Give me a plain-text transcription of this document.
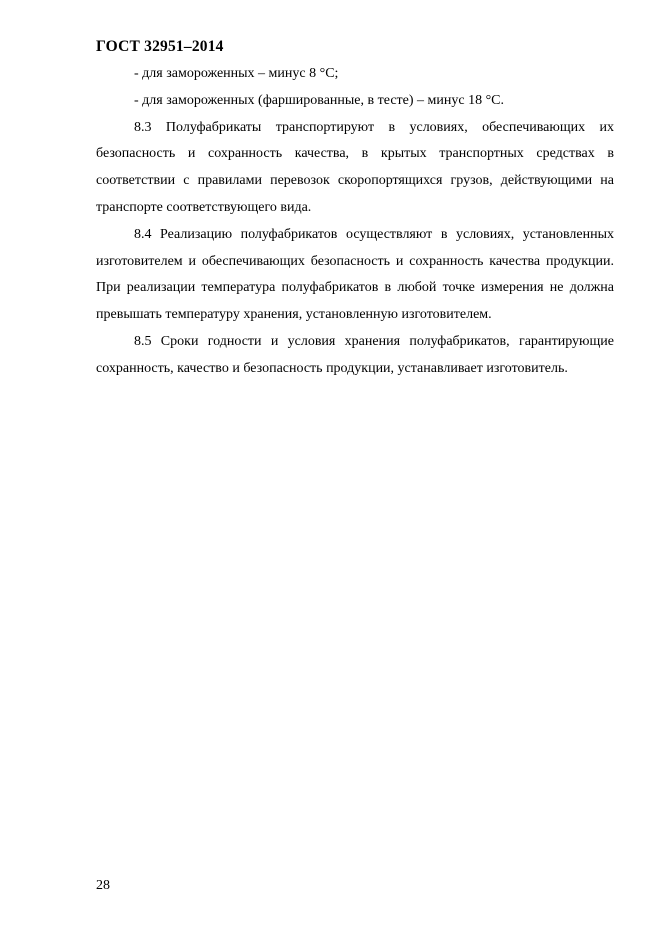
ГОСТ 32951–2014

- для замороженных – минус 8 °С;

- для замороженных (фаршированные, в тесте) – минус 18 °С.

8.3 Полуфабрикаты транспортируют в условиях, обеспечивающих их безопасность и сохранность качества, в крытых транспортных средствах в соответствии с правилами перевозок скоропортящихся грузов, действующими на транспорте соответствующего вида.

8.4 Реализацию полуфабрикатов осуществляют в условиях, установленных изготовителем и обеспечивающих безопасность и сохранность качества продукции. При реализации температура полуфабрикатов в любой точке измерения не должна превышать температуру хранения, установленную изготовителем.

8.5 Сроки годности и условия хранения полуфабрикатов, гарантирующие сохранность, качество и безопасность продукции, устанавливает изготовитель.

28
